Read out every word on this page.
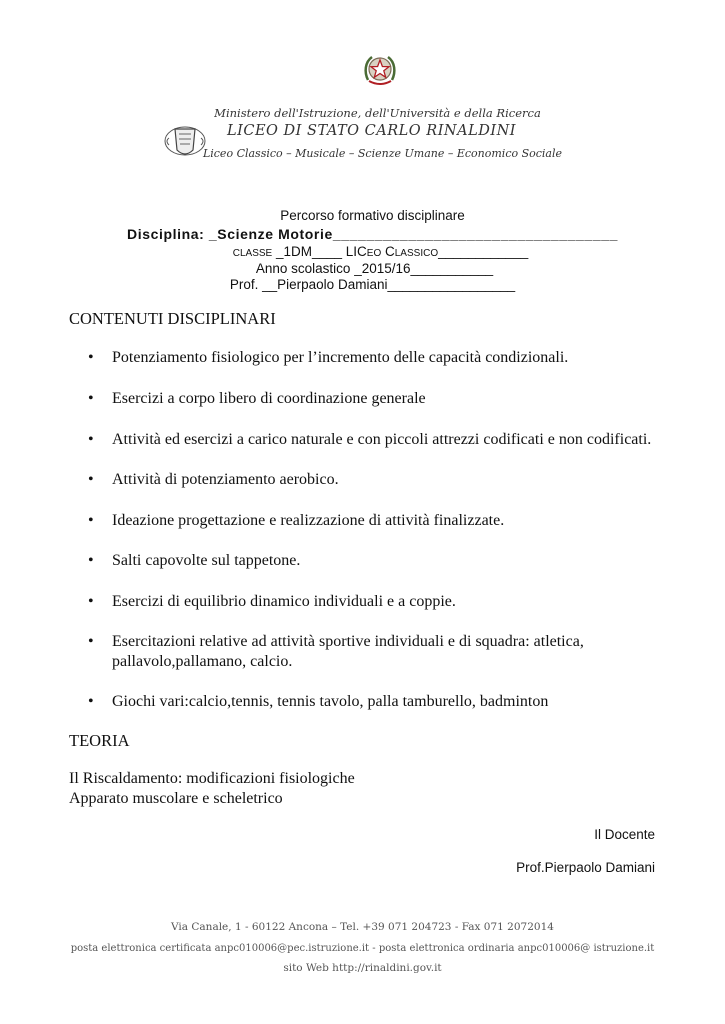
Ministero dell'Istruzione, dell'Università e della Ricerca
LICEO DI STATO CARLO RINALDINI
Liceo Classico – Musicale – Scienze Umane – Economico Sociale
Percorso formativo disciplinare
Disciplina: _Scienze Motorie__________________________________
CLASSE _1DM____ LICEO CLASSICO____________
Anno scolastico _2015/16___________
Prof. __Pierpaolo Damiani_________________
CONTENUTI DISCIPLINARI
•	Potenziamento fisiologico per l’incremento delle capacità condizionali.
•	Esercizi a corpo libero di coordinazione generale
•	Attività ed esercizi a carico naturale e con piccoli attrezzi codificati e non codificati.
•	Attività di potenziamento aerobico.
•	Ideazione progettazione e realizzazione di attività finalizzate.
•	Salti capovolte sul tappetone.
•	Esercizi di equilibrio dinamico individuali e a coppie.
•	Esercitazioni relative ad attività sportive individuali e di squadra: atletica, pallavolo,pallamano, calcio.
•	Giochi vari:calcio,tennis, tennis tavolo, palla tamburello, badminton
TEORIA
Il Riscaldamento: modificazioni fisiologiche
Apparato muscolare e scheletrico
Il Docente
Prof.Pierpaolo Damiani
Via Canale, 1 - 60122 Ancona – Tel. +39 071 204723 - Fax 071 2072014
posta elettronica certificata anpc010006@pec.istruzione.it - posta elettronica ordinaria anpc010006@ istruzione.it
sito Web http://rinaldini.gov.it
